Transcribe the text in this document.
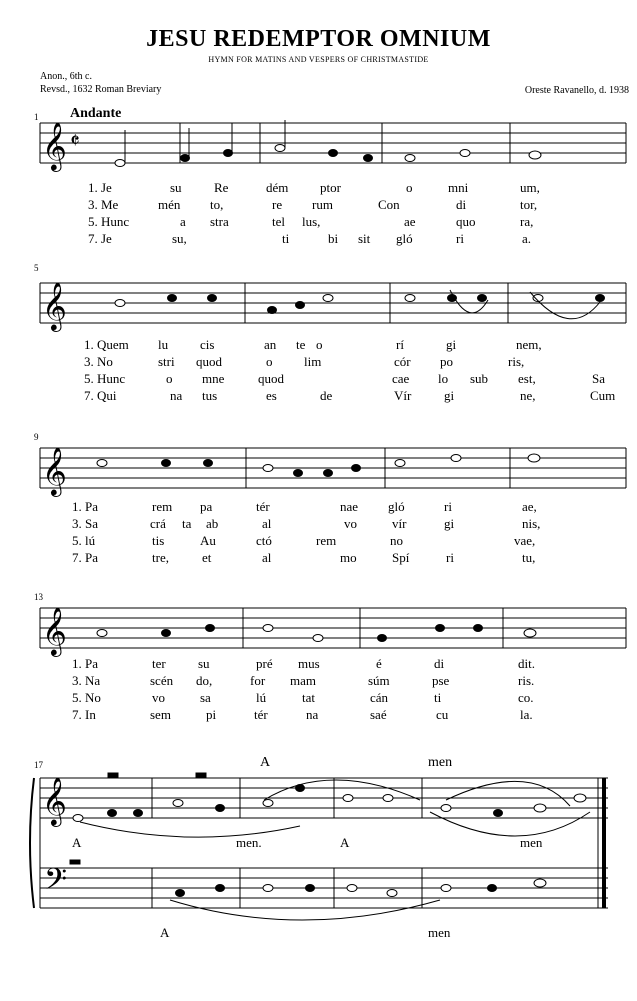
JESU REDEMPTOR OMNIUM
HYMN FOR MATINS AND VESPERS OF CHRISTMASTIDE
Anon., 6th c.
Revsd., 1632 Roman Breviary	Oreste Ravanello, d. 1938
Andante
1
5
9
13
17
𝄞
𝄞
𝄞
𝄞
𝄞
𝄢
𝄵
1. Je	su Re	dém ptor	o	mni	um,
3. Me	mén to,	re rum	Con	di	tor,
5. Hunc	a stra	tel lus,	ae	quo	ra,
7. Je	su,	ti	bi sit gló	ri	a.
1. Quem lu cis	an te o	rí	gi	nem,
3. No	stri quod	o lim	cór po	ris,
5. Hunc	o mne	quod	cae lo sub est,	Sa
7. Qui	na tus	es	de	Vír	gi	ne,	Cum
1. Pa	rem pa	tér	nae gló	ri	ae,
3. Sa	crá ta ab	al	vo	vír	gi	nis,
5. lú	tis	Au	ctó	rem	no	vae,
7. Pa	tre,	et	al	mo	Spí	ri	tu,
1. Pa	ter su	pré mus	é	di	dit.
3. Na	scén do,	for mam	súm	pse	ris.
5. No	vo	sa	lú	tat	cán	ti	co.
7. In	sem	pi	tér	na	saé	cu	la.
A	men
A	men.	A	men
A	men
